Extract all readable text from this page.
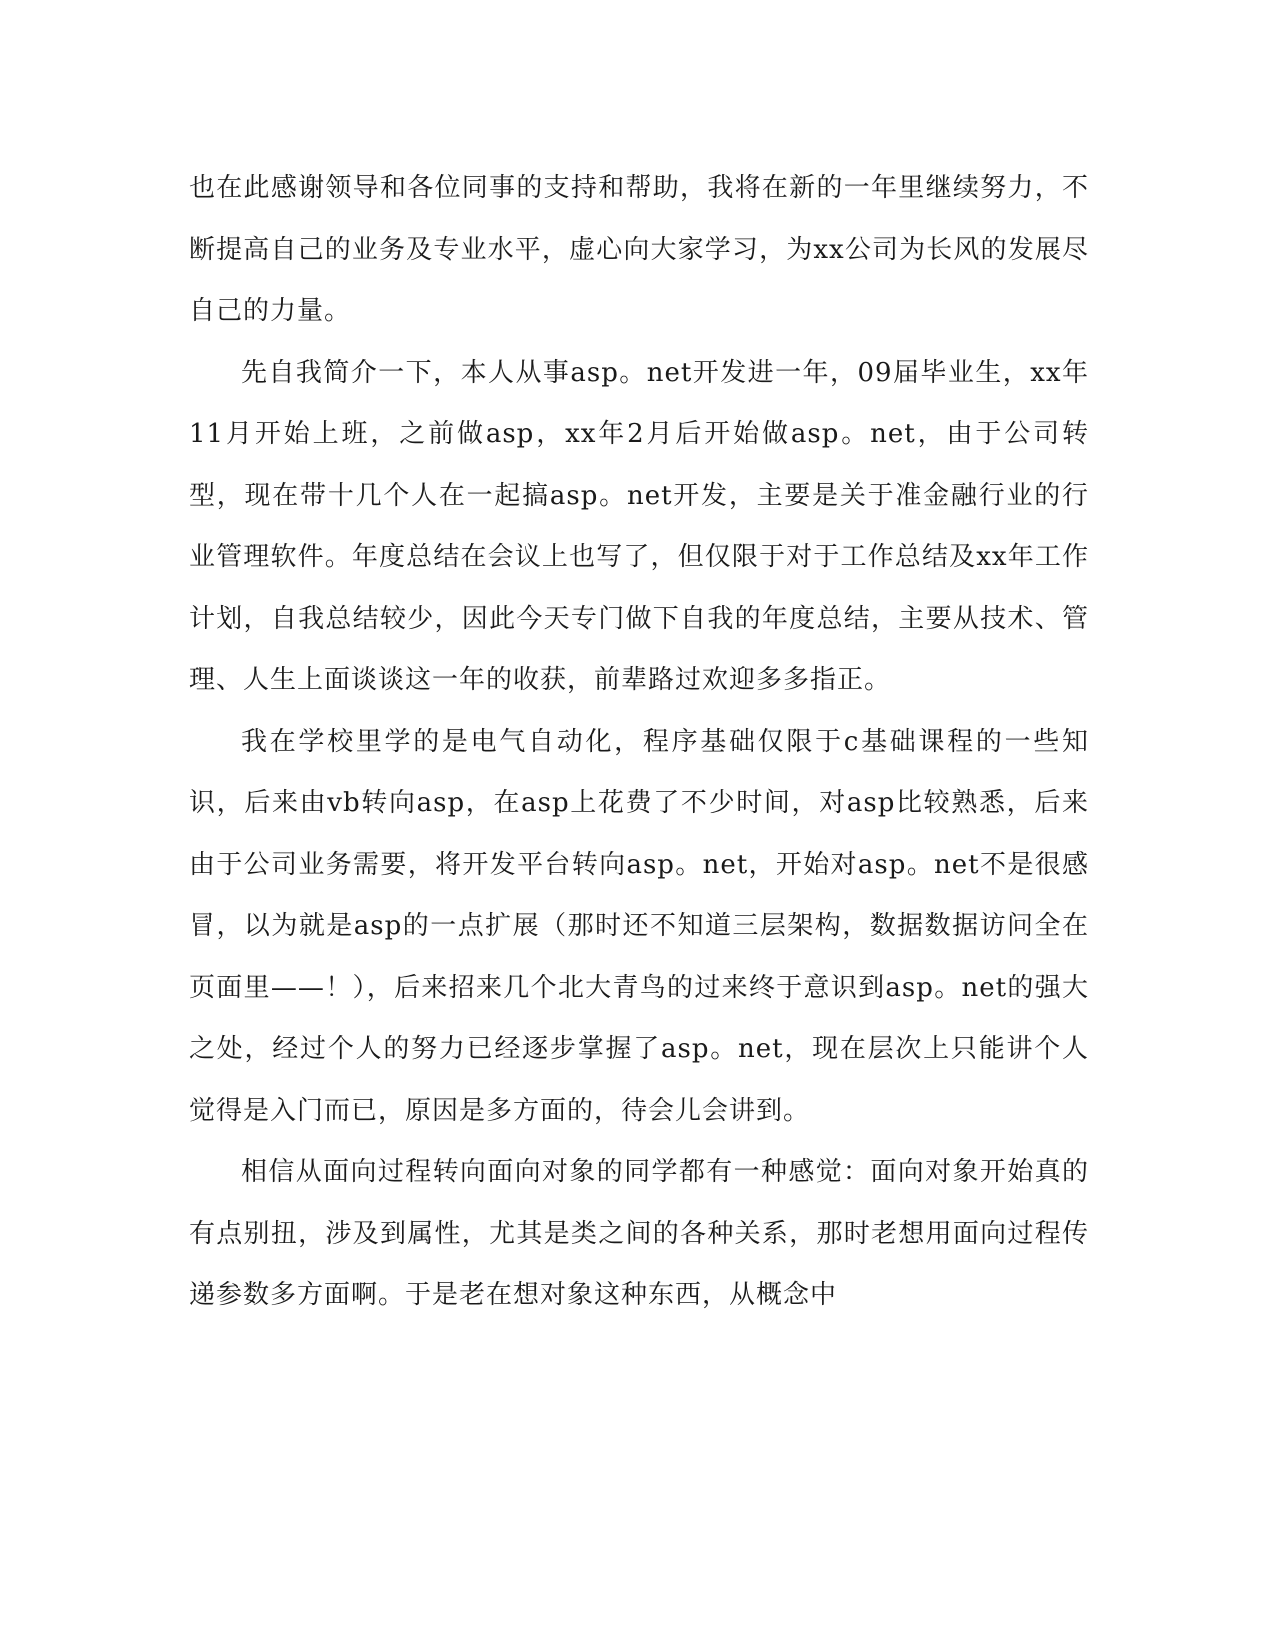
也在此感谢领导和各位同事的支持和帮助，我将在新的一年里继续努力，不断提高自己的业务及专业水平，虚心向大家学习，为xx公司为长风的发展尽自己的力量。

先自我简介一下，本人从事asp。net开发进一年，09届毕业生，xx年11月开始上班，之前做asp，xx年2月后开始做asp。net，由于公司转型，现在带十几个人在一起搞asp。net开发，主要是关于准金融行业的行业管理软件。年度总结在会议上也写了，但仅限于对于工作总结及xx年工作计划，自我总结较少，因此今天专门做下自我的年度总结，主要从技术、管理、人生上面谈谈这一年的收获，前辈路过欢迎多多指正。

我在学校里学的是电气自动化，程序基础仅限于c基础课程的一些知识，后来由vb转向asp，在asp上花费了不少时间，对asp比较熟悉，后来由于公司业务需要，将开发平台转向asp。net，开始对asp。net不是很感冒，以为就是asp的一点扩展（那时还不知道三层架构，数据数据访问全在页面里——！），后来招来几个北大青鸟的过来终于意识到asp。net的强大之处，经过个人的努力已经逐步掌握了asp。net，现在层次上只能讲个人觉得是入门而已，原因是多方面的，待会儿会讲到。

相信从面向过程转向面向对象的同学都有一种感觉：面向对象开始真的有点别扭，涉及到属性，尤其是类之间的各种关系，那时老想用面向过程传递参数多方面啊。于是老在想对象这种东西，从概念中
